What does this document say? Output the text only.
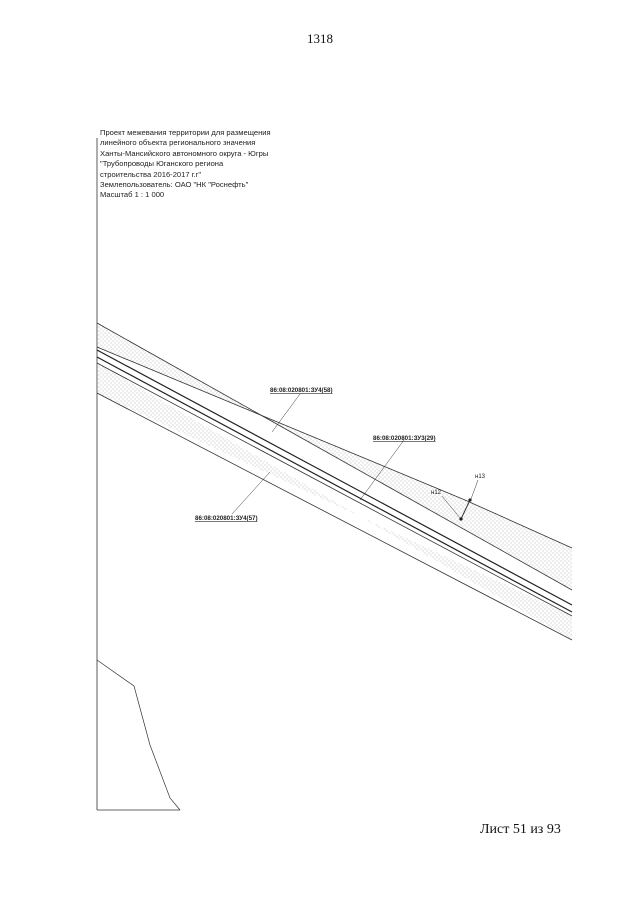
1318
Проект межевания территории для размещения
линейного объекта регионального значения
Ханты-Мансийского автономного округа - Югры
"Трубопроводы Юганского региона
строительства 2016-2017 г.г"
Землепользователь: ОАО "НК "Роснефть"
Масштаб 1 : 1 000
н12
н13
86:08:020801:ЗУ4(58)
86:08:020801:ЗУ3(29)
86:08:020801:ЗУ4(57)
Лист 51 из 93
